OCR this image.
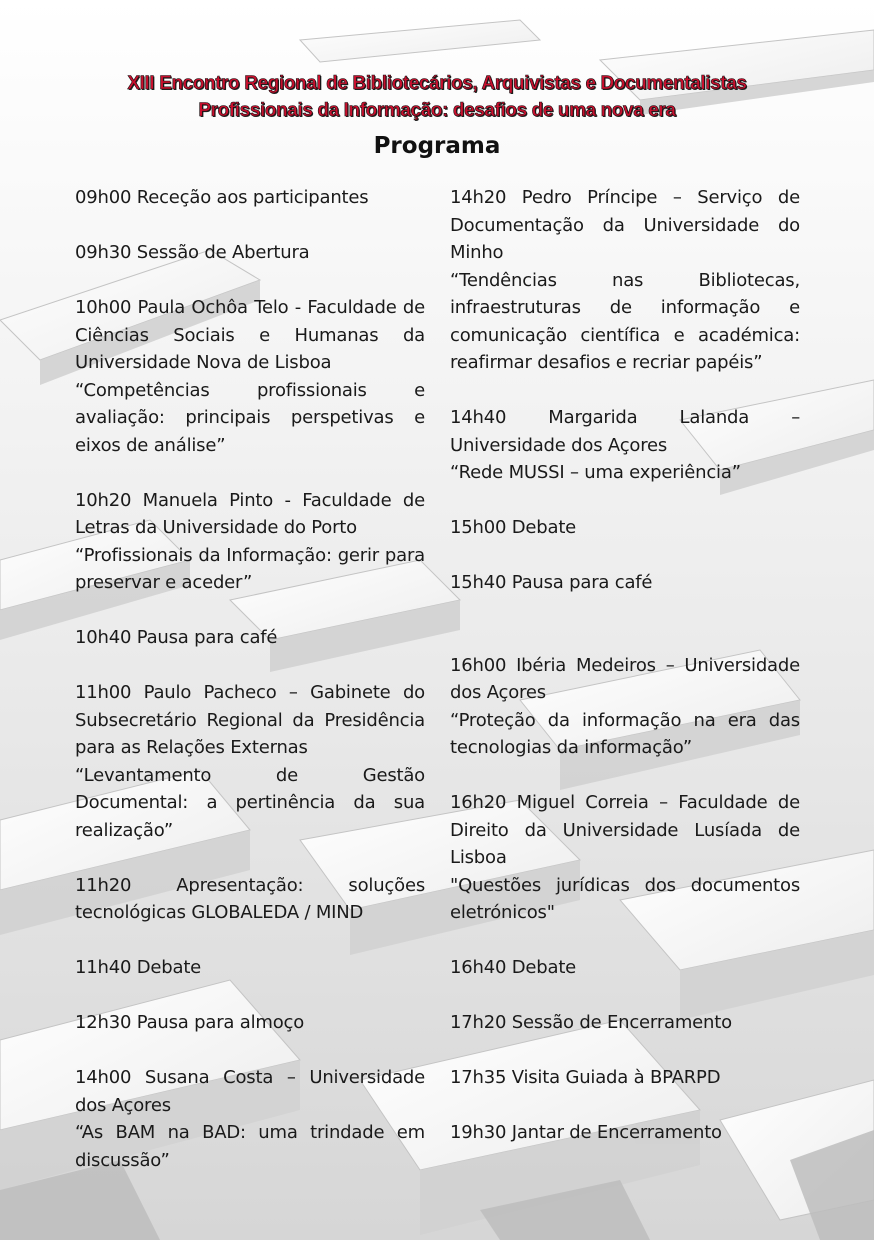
XIII Encontro Regional de Bibliotecários, Arquivistas e Documentalistas
Profissionais da Informação: desafios de uma nova era
Programa
09h00 Receção aos participantes
09h30 Sessão de Abertura
10h00 Paula Ochôa Telo - Faculdade de Ciências Sociais e Humanas da Universidade Nova de Lisboa
“Competências profissionais e avaliação: principais perspetivas e eixos de análise”
10h20 Manuela Pinto - Faculdade de Letras da Universidade do Porto
“Profissionais da Informação: gerir para preservar e aceder”
10h40 Pausa para café
11h00 Paulo Pacheco – Gabinete do Subsecretário Regional da Presidência para as Relações Externas
“Levantamento de Gestão Documental: a pertinência da sua realização”
11h20 Apresentação: soluções tecnológicas GLOBALEDA / MIND
11h40 Debate
12h30 Pausa para almoço
14h00 Susana Costa – Universidade dos Açores
“As BAM na BAD: uma trindade em discussão”
14h20 Pedro Príncipe – Serviço de Documentação da Universidade do Minho
“Tendências nas Bibliotecas, infraestruturas de informação e comunicação científica e académica: reafirmar desafios e recriar papéis”
14h40 Margarida Lalanda – Universidade dos Açores
“Rede MUSSI – uma experiência”
15h00 Debate
15h40 Pausa para café
16h00 Ibéria Medeiros – Universidade dos Açores
“Proteção da informação na era das tecnologias da informação”
16h20 Miguel Correia – Faculdade de Direito da Universidade Lusíada de Lisboa
"Questões jurídicas dos documentos eletrónicos"
16h40 Debate
17h20 Sessão de Encerramento
17h35 Visita Guiada à BPARPD
19h30 Jantar de Encerramento
